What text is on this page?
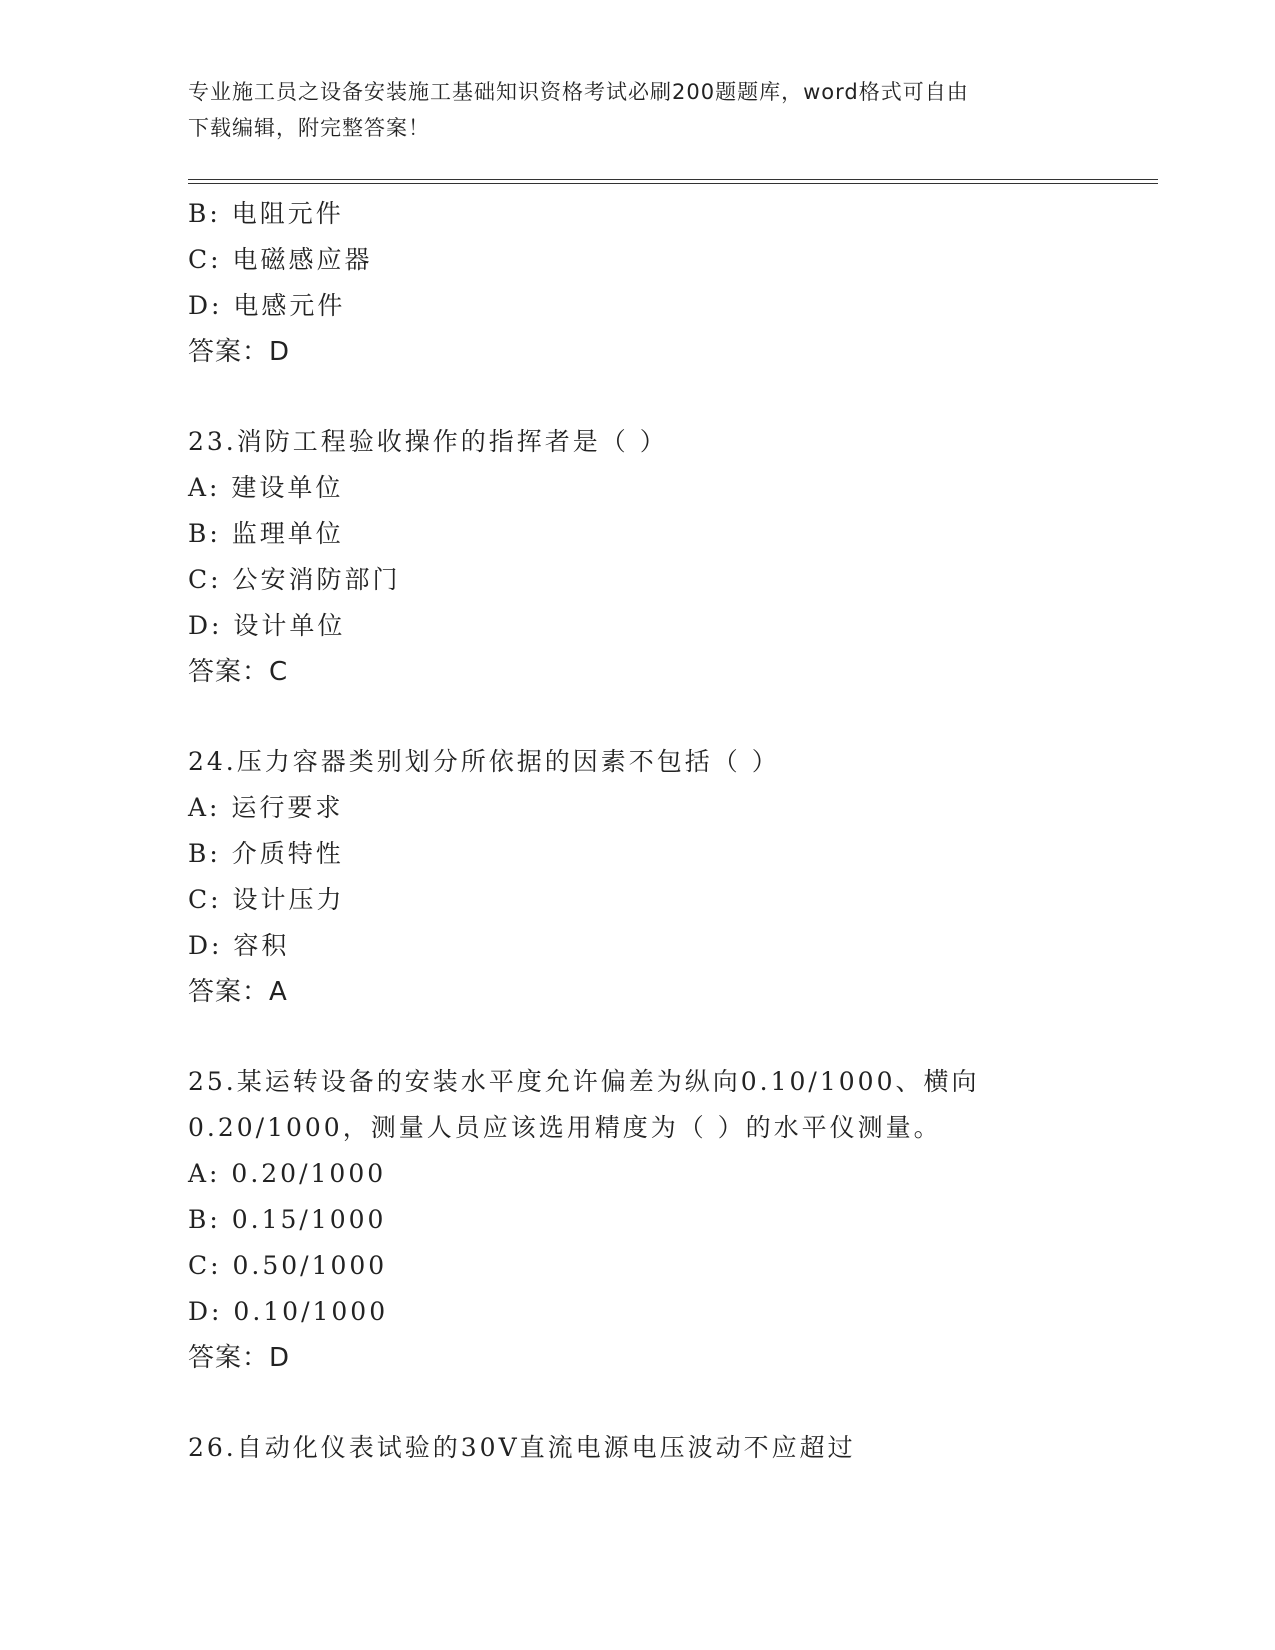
专业施工员之设备安装施工基础知识资格考试必刷200题题库，word格式可自由
下载编辑，附完整答案！
B: 电阻元件
C: 电磁感应器
D: 电感元件
答案：D
23.消防工程验收操作的指挥者是（ ）
A: 建设单位
B: 监理单位
C: 公安消防部门
D: 设计单位
答案：C
24.压力容器类别划分所依据的因素不包括（ ）
A: 运行要求
B: 介质特性
C: 设计压力
D: 容积
答案：A
25.某运转设备的安装水平度允许偏差为纵向0.10/1000、横向
0.20/1000，测量人员应该选用精度为（ ）的水平仪测量。
A: 0.20/1000
B: 0.15/1000
C: 0.50/1000
D: 0.10/1000
答案：D
26.自动化仪表试验的30V直流电源电压波动不应超过
